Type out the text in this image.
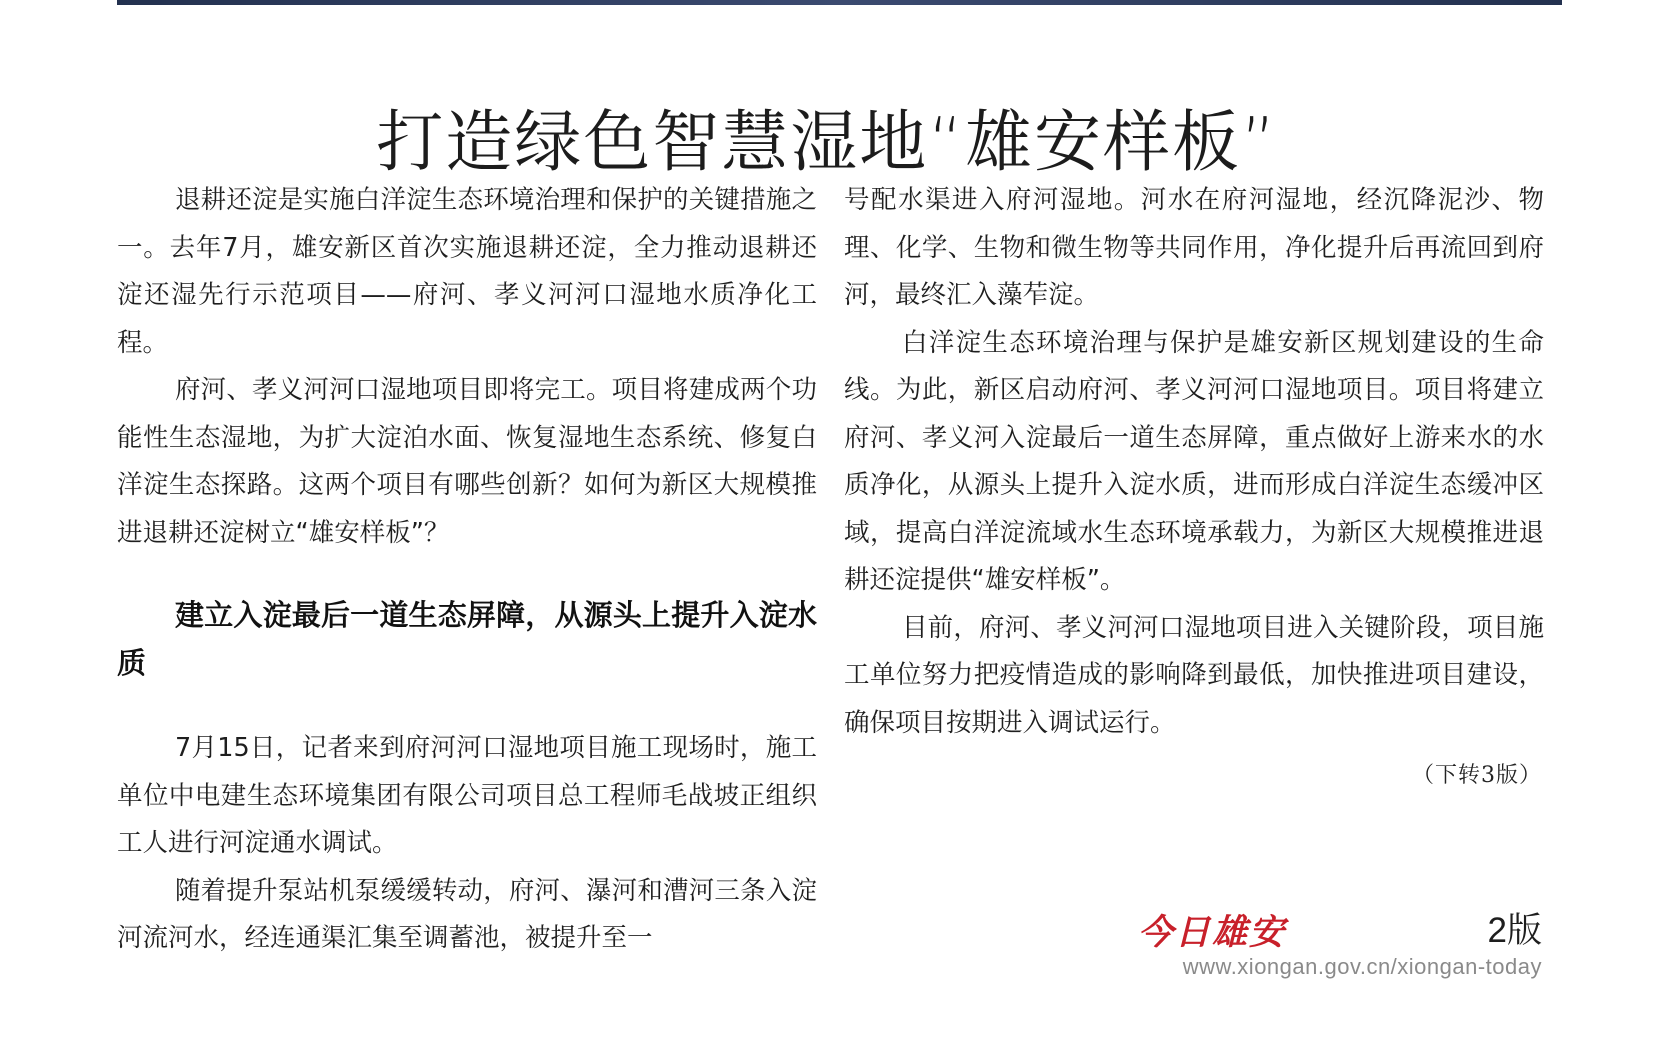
打造绿色智慧湿地“雄安样板”

退耕还淀是实施白洋淀生态环境治理和保护的关键措施之一。去年7月，雄安新区首次实施退耕还淀，全力推动退耕还淀还湿先行示范项目——府河、孝义河河口湿地水质净化工程。

府河、孝义河河口湿地项目即将完工。项目将建成两个功能性生态湿地，为扩大淀泊水面、恢复湿地生态系统、修复白洋淀生态探路。这两个项目有哪些创新？如何为新区大规模推进退耕还淀树立“雄安样板”？

建立入淀最后一道生态屏障，从源头上提升入淀水质

7月15日，记者来到府河河口湿地项目施工现场时，施工单位中电建生态环境集团有限公司项目总工程师毛战坡正组织工人进行河淀通水调试。

随着提升泵站机泵缓缓转动，府河、瀑河和漕河三条入淀河流河水，经连通渠汇集至调蓄池，被提升至一

号配水渠进入府河湿地。河水在府河湿地，经沉降泥沙、物理、化学、生物和微生物等共同作用，净化提升后再流回到府河，最终汇入藻苲淀。

白洋淀生态环境治理与保护是雄安新区规划建设的生命线。为此，新区启动府河、孝义河河口湿地项目。项目将建立府河、孝义河入淀最后一道生态屏障，重点做好上游来水的水质净化，从源头上提升入淀水质，进而形成白洋淀生态缓冲区域，提高白洋淀流域水生态环境承载力，为新区大规模推进退耕还淀提供“雄安样板”。

目前，府河、孝义河河口湿地项目进入关键阶段，项目施工单位努力把疫情造成的影响降到最低，加快推进项目建设，确保项目按期进入调试运行。

（下转3版）
今日雄安	2版
www.xiongan.gov.cn/xiongan-today
